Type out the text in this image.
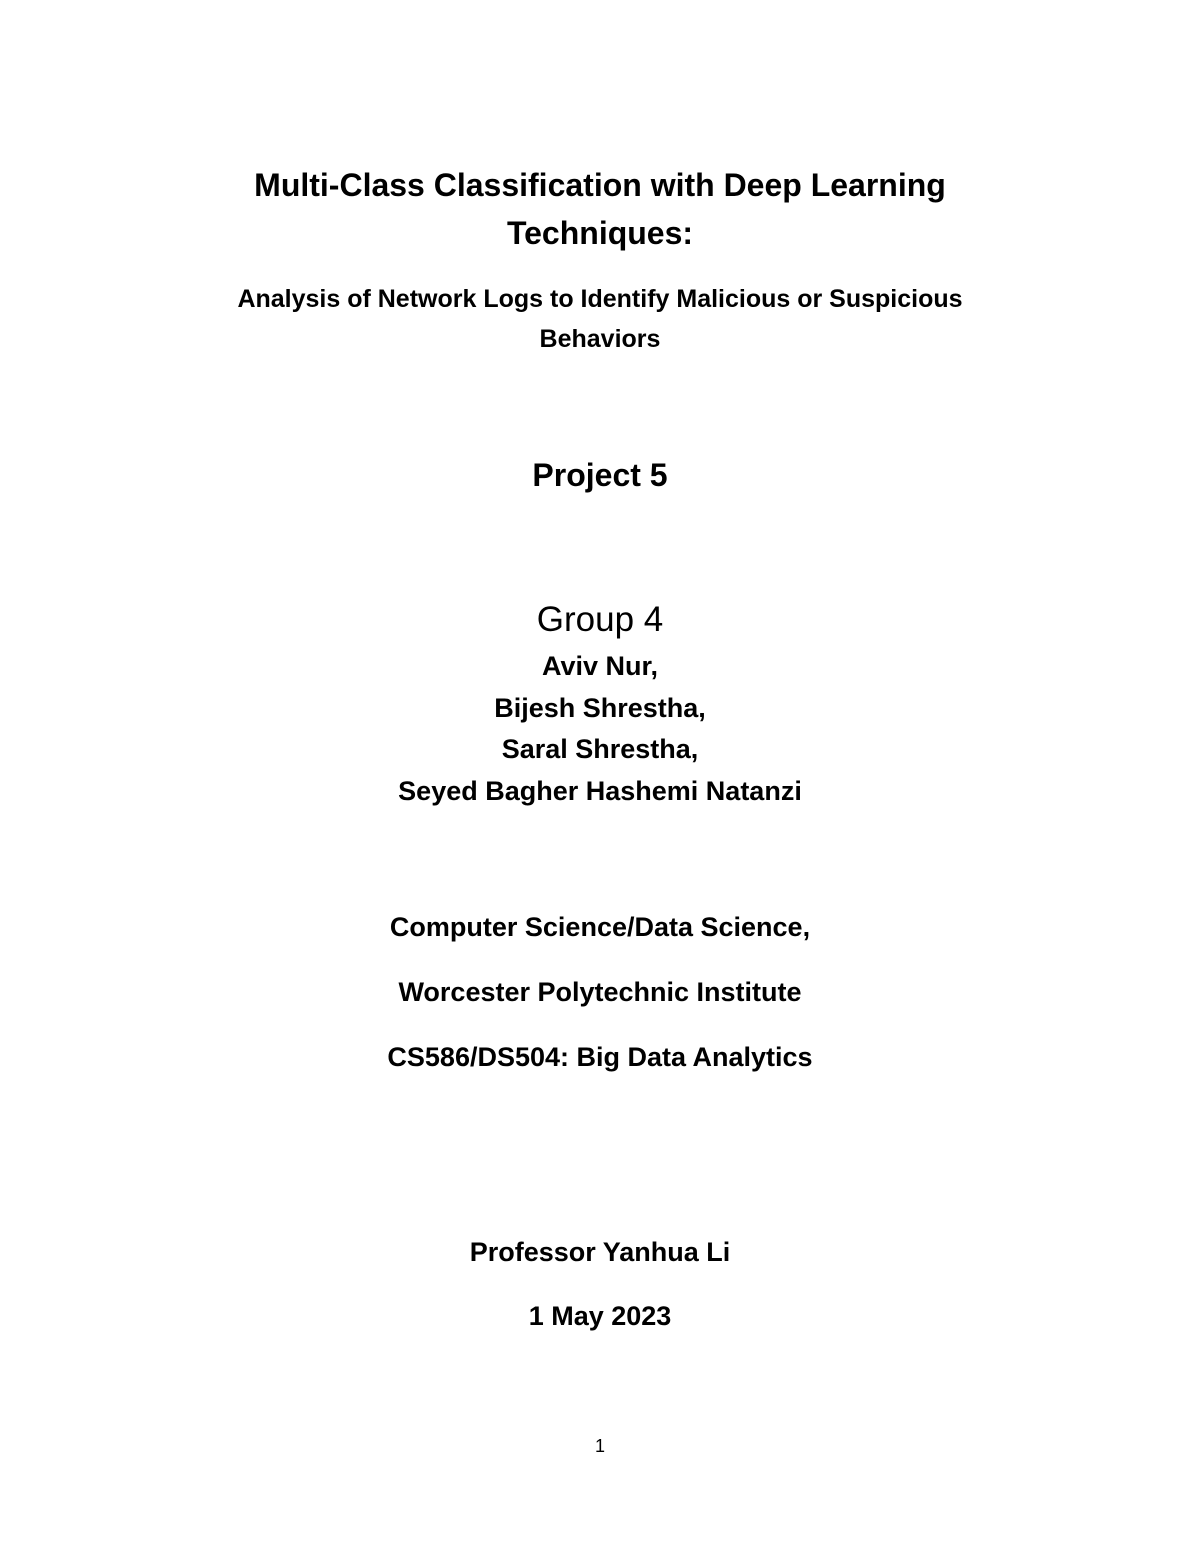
Multi-Class Classification with Deep Learning
Techniques:
Analysis of Network Logs to Identify Malicious or Suspicious
Behaviors
Project 5
Group 4
Aviv Nur,
Bijesh Shrestha,
Saral Shrestha,
Seyed Bagher Hashemi Natanzi
Computer Science/Data Science,
Worcester Polytechnic Institute
CS586/DS504: Big Data Analytics
Professor Yanhua Li
1 May 2023
1
